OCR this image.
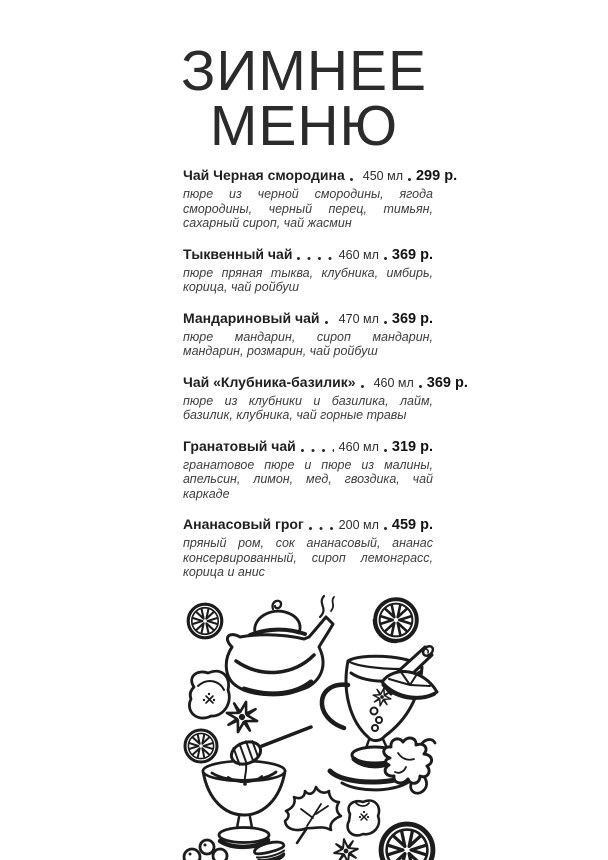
ЗИМНЕЕ
МЕНЮ
Чай Черная смородина 450 мл 299 р.

пюре из черной смородины, ягода смородины, черный перец, тимьян, сахарный сироп, чай жасмин

Тыквенный чай	460 мл 369 р.

пюре пряная тыква, клубника, имбирь, корица, чай ройбуш

Мандариновый чай 470 мл 369 р.

пюре мандарин, сироп мандарин, мандарин, розмарин, чай ройбуш

Чай «Клубника-базилик» 460 мл 369 р.

пюре из клубники и базилика, лайм, базилик, клубника, чай горные травы

Гранатовый чай	460 мл 319 р.

гранатовое пюре и пюре из малины, апельсин, лимон, мед, гвоздика, чай каркаде

Ананасовый грог	200 мл 459 р.

пряный ром, сок ананасовый, ананас консервированный, сироп лемонграсс, корица и анис
